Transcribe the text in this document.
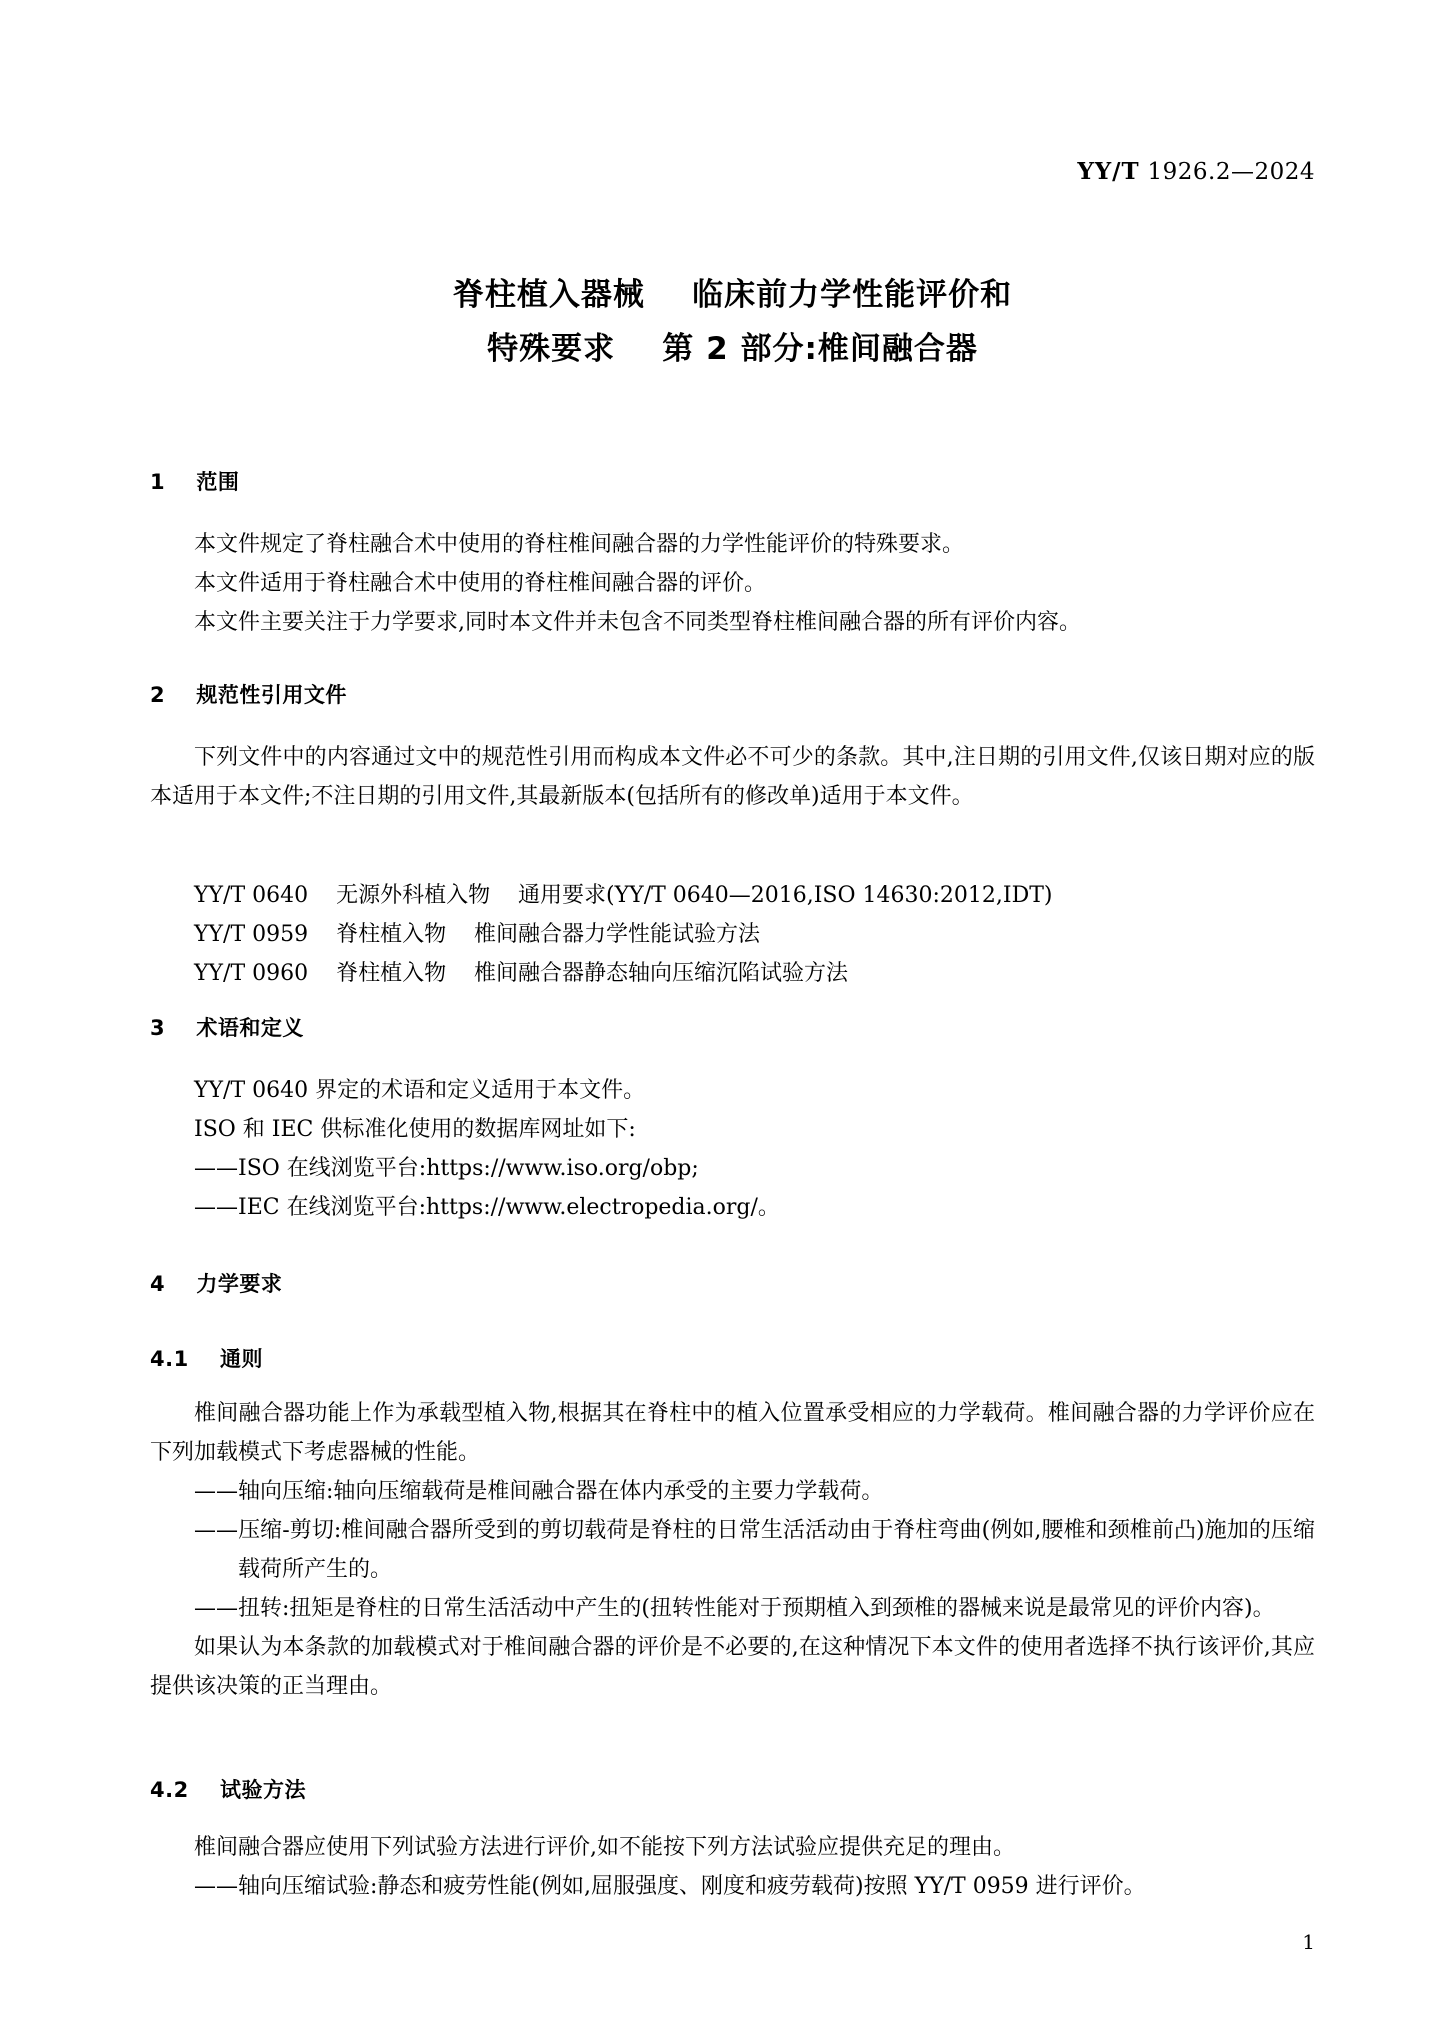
YY/T 1926.2—2024
脊柱植入器械    临床前力学性能评价和
特殊要求    第 2 部分:椎间融合器
1    范围

本文件规定了脊柱融合术中使用的脊柱椎间融合器的力学性能评价的特殊要求。

本文件适用于脊柱融合术中使用的脊柱椎间融合器的评价。

本文件主要关注于力学要求,同时本文件并未包含不同类型脊柱椎间融合器的所有评价内容。

2    规范性引用文件

下列文件中的内容通过文中的规范性引用而构成本文件必不可少的条款。其中,注日期的引用文件,仅该日期对应的版本适用于本文件;不注日期的引用文件,其最新版本(包括所有的修改单)适用于本文件。

YY/T 0640    无源外科植入物    通用要求(YY/T 0640—2016,ISO 14630:2012,IDT)
YY/T 0959    脊柱植入物    椎间融合器力学性能试验方法
YY/T 0960    脊柱植入物    椎间融合器静态轴向压缩沉陷试验方法
3    术语和定义

YY/T 0640 界定的术语和定义适用于本文件。

ISO 和 IEC 供标准化使用的数据库网址如下:

——ISO 在线浏览平台:https://www.iso.org/obp;

——IEC 在线浏览平台:https://www.electropedia.org/。

4    力学要求
4.1    通则

椎间融合器功能上作为承载型植入物,根据其在脊柱中的植入位置承受相应的力学载荷。椎间融合器的力学评价应在下列加载模式下考虑器械的性能。

——轴向压缩:轴向压缩载荷是椎间融合器在体内承受的主要力学载荷。

——压缩-剪切:椎间融合器所受到的剪切载荷是脊柱的日常生活活动由于脊柱弯曲(例如,腰椎和颈椎前凸)施加的压缩载荷所产生的。

——扭转:扭矩是脊柱的日常生活活动中产生的(扭转性能对于预期植入到颈椎的器械来说是最常见的评价内容)。

如果认为本条款的加载模式对于椎间融合器的评价是不必要的,在这种情况下本文件的使用者选择不执行该评价,其应提供该决策的正当理由。

4.2    试验方法

椎间融合器应使用下列试验方法进行评价,如不能按下列方法试验应提供充足的理由。

——轴向压缩试验:静态和疲劳性能(例如,屈服强度、刚度和疲劳载荷)按照 YY/T 0959 进行评价。

1
